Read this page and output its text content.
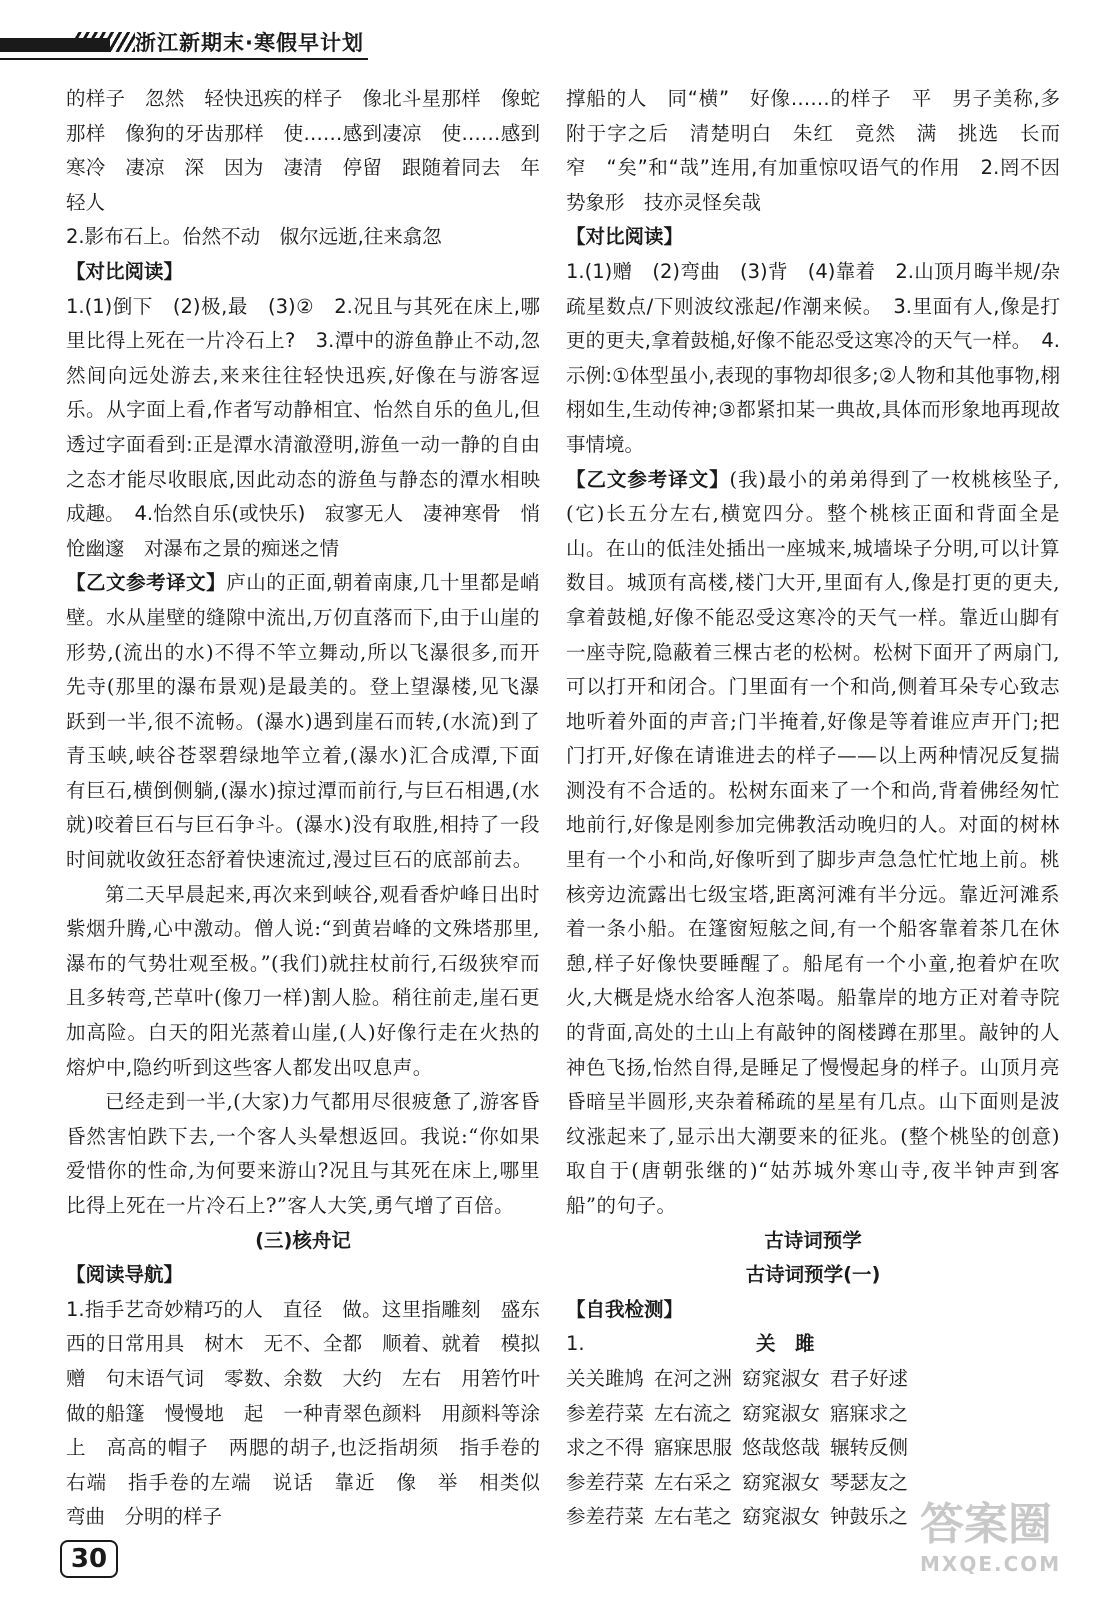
浙江新期末·寒假早计划

的样子　忽然　轻快迅疾的样子　像北斗星那样　像蛇那样　像狗的牙齿那样　使……感到凄凉　使……感到寒冷　凄凉　深　因为　凄清　停留　跟随着同去　年轻人

2.影布石上。佁然不动　俶尔远逝,往来翕忽

【对比阅读】

1.(1)倒下　(2)极,最　(3)②　2.况且与其死在床上,哪里比得上死在一片冷石上?　3.潭中的游鱼静止不动,忽然间向远处游去,来来往往轻快迅疾,好像在与游客逗乐。从字面上看,作者写动静相宜、怡然自乐的鱼儿,但透过字面看到:正是潭水清澈澄明,游鱼一动一静的自由之态才能尽收眼底,因此动态的游鱼与静态的潭水相映成趣。　4.怡然自乐(或快乐)　寂寥无人　凄神寒骨　悄怆幽邃　对瀑布之景的痴迷之情

【乙文参考译文】庐山的正面,朝着南康,几十里都是峭壁。水从崖壁的缝隙中流出,万仞直落而下,由于山崖的形势,(流出的水)不得不竿立舞动,所以飞瀑很多,而开先寺(那里的瀑布景观)是最美的。登上望瀑楼,见飞瀑跃到一半,很不流畅。(瀑水)遇到崖石而转,(水流)到了青玉峡,峡谷苍翠碧绿地竿立着,(瀑水)汇合成潭,下面有巨石,横倒侧躺,(瀑水)掠过潭而前行,与巨石相遇,(水就)咬着巨石与巨石争斗。(瀑水)没有取胜,相持了一段时间就收敛狂态舒着快速流过,漫过巨石的底部前去。

第二天早晨起来,再次来到峡谷,观看香炉峰日出时紫烟升腾,心中激动。僧人说:“到黄岩峰的文殊塔那里,瀑布的气势壮观至极。”(我们)就拄杖前行,石级狭窄而且多转弯,芒草叶(像刀一样)割人脸。稍往前走,崖石更加高险。白天的阳光蒸着山崖,(人)好像行走在火热的熔炉中,隐约听到这些客人都发出叹息声。

已经走到一半,(大家)力气都用尽很疲惫了,游客昏昏然害怕跌下去,一个客人头晕想返回。我说:“你如果爱惜你的性命,为何要来游山?况且与其死在床上,哪里比得上死在一片冷石上?”客人大笑,勇气增了百倍。

(三)核舟记

【阅读导航】

1.指手艺奇妙精巧的人　直径　做。这里指雕刻　盛东西的日常用具　树木　无不、全都　顺着、就着　模拟　赠　句末语气词　零数、余数　大约　左右　用箬竹叶做的船篷　慢慢地　起　一种青翠色颜料　用颜料等涂上　高高的帽子　两腮的胡子,也泛指胡须　指手卷的右端　指手卷的左端　说话　靠近　像　举　相类似　弯曲　分明的样子

撑船的人　同“横”　好像……的样子　平　男子美称,多附于字之后　清楚明白　朱红　竟然　满　挑选　长而窄　“矣”和“哉”连用,有加重惊叹语气的作用　2.罔不因势象形　技亦灵怪矣哉

【对比阅读】

1.(1)赠　(2)弯曲　(3)背　(4)靠着　2.山顶月晦半规/杂疏星数点/下则波纹涨起/作潮来候。　3.里面有人,像是打更的更夫,拿着鼓槌,好像不能忍受这寒冷的天气一样。　4.示例:①体型虽小,表现的事物却很多;②人物和其他事物,栩栩如生,生动传神;③都紧扣某一典故,具体而形象地再现故事情境。

【乙文参考译文】(我)最小的弟弟得到了一枚桃核坠子,(它)长五分左右,横宽四分。整个桃核正面和背面全是山。在山的低洼处插出一座城来,城墙垛子分明,可以计算数目。城顶有高楼,楼门大开,里面有人,像是打更的更夫,拿着鼓槌,好像不能忍受这寒冷的天气一样。靠近山脚有一座寺院,隐蔽着三棵古老的松树。松树下面开了两扇门,可以打开和闭合。门里面有一个和尚,侧着耳朵专心致志地听着外面的声音;门半掩着,好像是等着谁应声开门;把门打开,好像在请谁进去的样子——以上两种情况反复揣测没有不合适的。松树东面来了一个和尚,背着佛经匆忙地前行,好像是刚参加完佛教活动晚归的人。对面的树林里有一个小和尚,好像听到了脚步声急急忙忙地上前。桃核旁边流露出七级宝塔,距离河滩有半分远。靠近河滩系着一条小船。在篷窗短舷之间,有一个船客靠着茶几在休憩,样子好像快要睡醒了。船尾有一个小童,抱着炉在吹火,大概是烧水给客人泡茶喝。船靠岸的地方正对着寺院的背面,高处的土山上有敲钟的阁楼蹲在那里。敲钟的人神色飞扬,怡然自得,是睡足了慢慢起身的样子。山顶月亮昏暗呈半圆形,夹杂着稀疏的星星有几点。山下面则是波纹涨起来了,显示出大潮要来的征兆。(整个桃坠的创意)取自于(唐朝张继的)“姑苏城外寒山寺,夜半钟声到客船”的句子。

古诗词预学

古诗词预学(一)

【自我检测】

1.	关　雎

关关雎鸠 在河之洲 窈窕淑女 君子好逑
参差荇菜 左右流之 窈窕淑女 寤寐求之
求之不得 寤寐思服 悠哉悠哉 辗转反侧
参差荇菜 左右采之 窈窕淑女 琴瑟友之
参差荇菜 左右芼之 窈窕淑女 钟鼓乐之
30
答案圈
MXQE.COM
